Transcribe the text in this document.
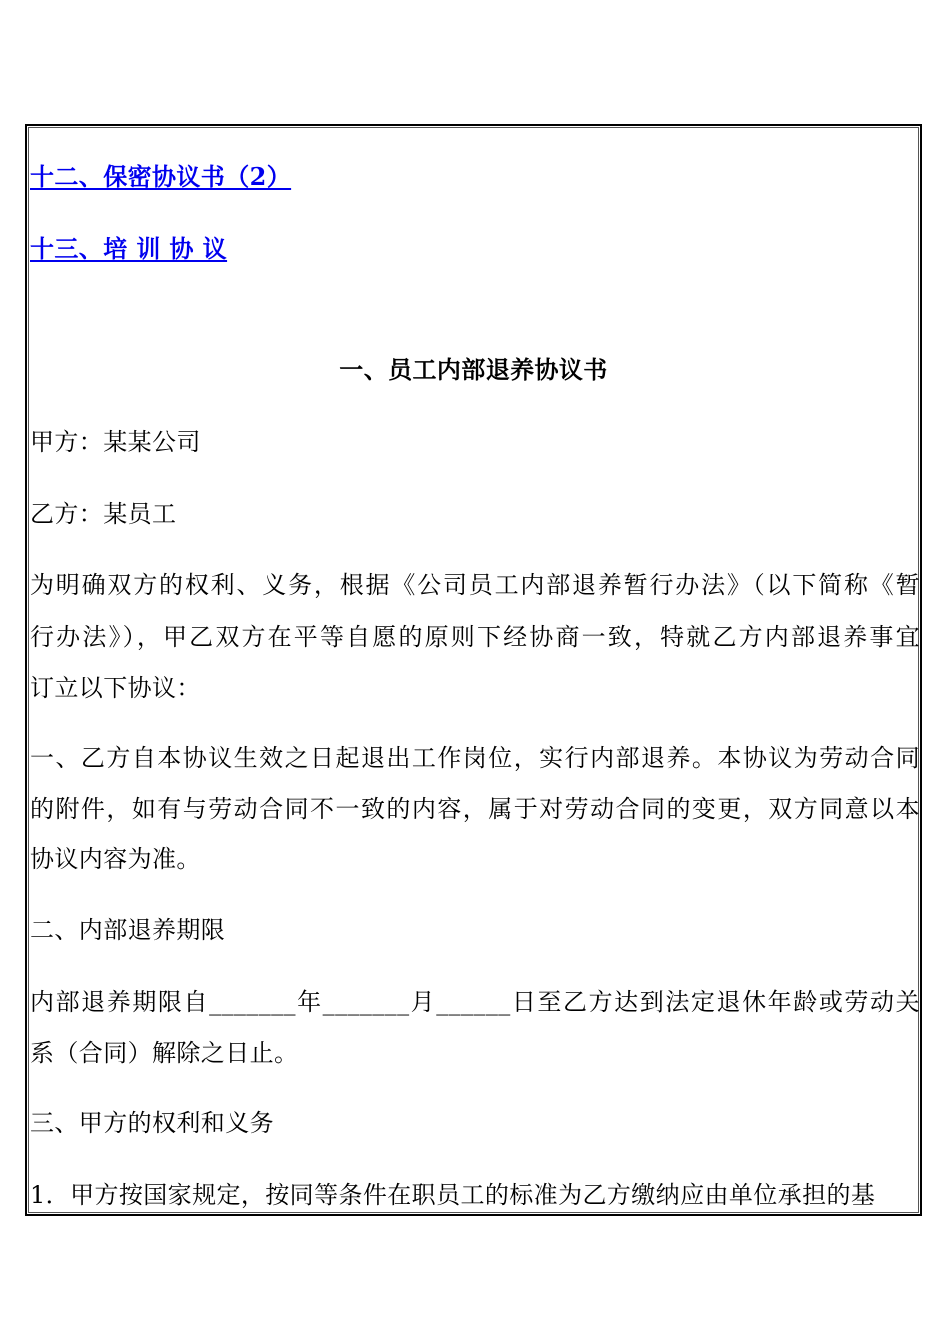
十二、保密协议书（2）
十三、培 训 协 议
一、员工内部退养协议书
甲方：某某公司
乙方：某员工
为明确双方的权利、义务，根据《公司员工内部退养暂行办法》（以下简称《暂
行办法》），甲乙双方在平等自愿的原则下经协商一致，特就乙方内部退养事宜
订立以下协议：
一、乙方自本协议生效之日起退出工作岗位，实行内部退养。本协议为劳动合同
的附件，如有与劳动合同不一致的内容，属于对劳动合同的变更，双方同意以本
协议内容为准。
二、内部退养期限
内部退养期限自_______年_______月______日至乙方达到法定退休年龄或劳动关
系（合同）解除之日止。
三、甲方的权利和义务
1．甲方按国家规定，按同等条件在职员工的标准为乙方缴纳应由单位承担的基
